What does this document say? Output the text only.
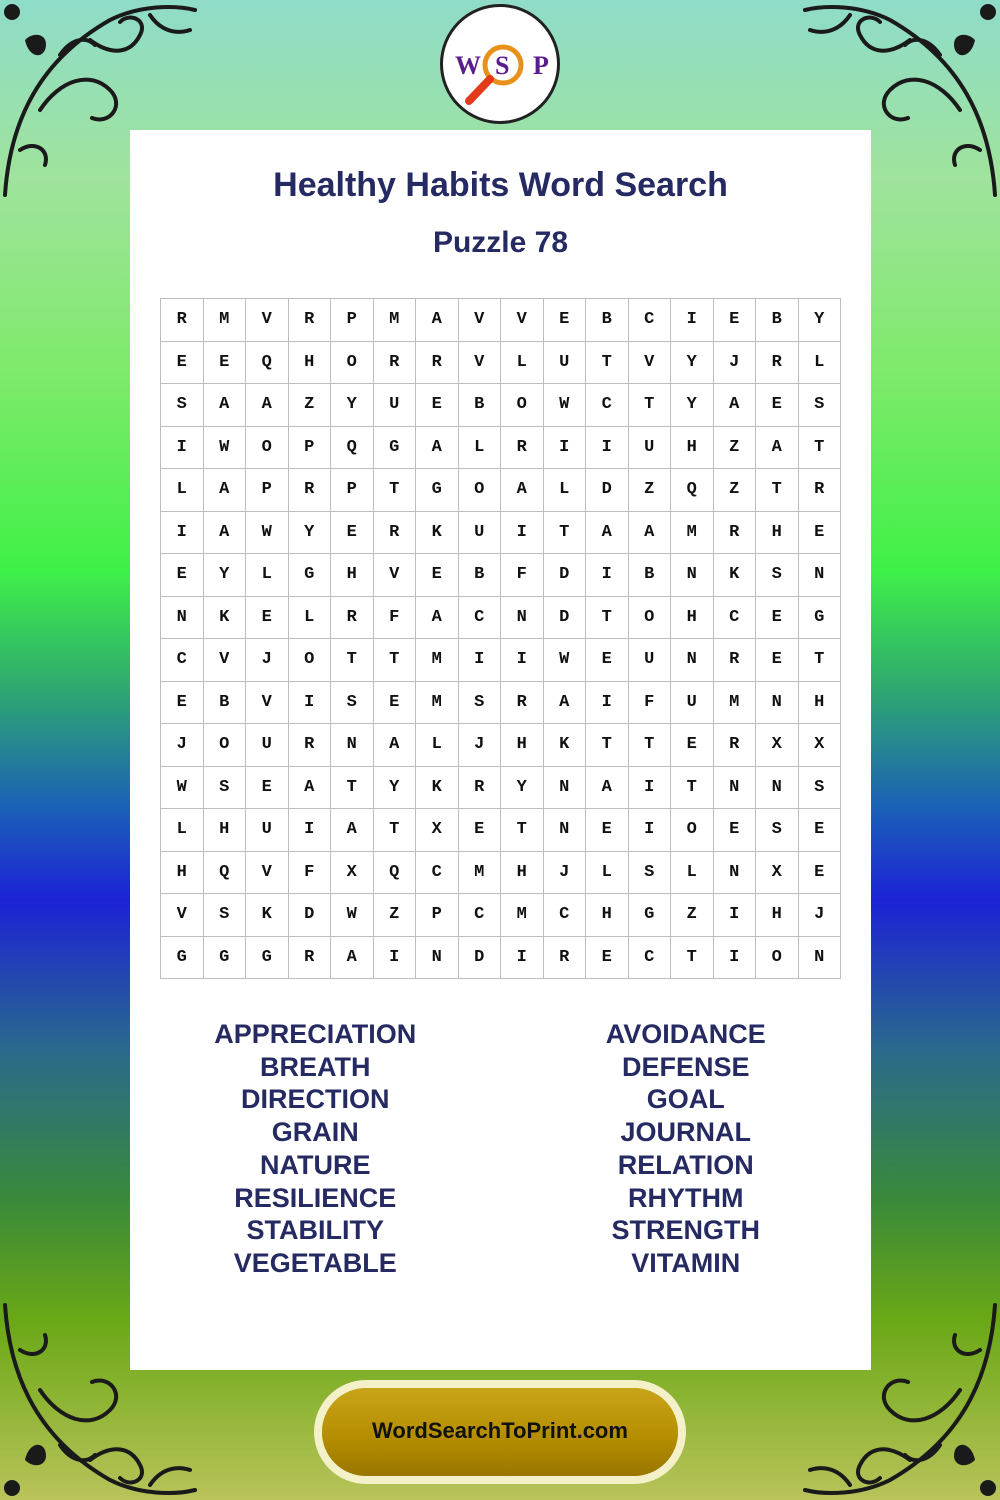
W S P
Healthy Habits Word Search
Puzzle 78
R	M	V	R	P	M	A	V	V	E	B	C	I	E	B	Y
E	E	Q	H	O	R	R	V	L	U	T	V	Y	J	R	L
S	A	A	Z	Y	U	E	B	O	W	C	T	Y	A	E	S
I	W	O	P	Q	G	A	L	R	I	I	U	H	Z	A	T
L	A	P	R	P	T	G	O	A	L	D	Z	Q	Z	T	R
I	A	W	Y	E	R	K	U	I	T	A	A	M	R	H	E
E	Y	L	G	H	V	E	B	F	D	I	B	N	K	S	N
N	K	E	L	R	F	A	C	N	D	T	O	H	C	E	G
C	V	J	O	T	T	M	I	I	W	E	U	N	R	E	T
E	B	V	I	S	E	M	S	R	A	I	F	U	M	N	H
J	O	U	R	N	A	L	J	H	K	T	T	E	R	X	X
W	S	E	A	T	Y	K	R	Y	N	A	I	T	N	N	S
L	H	U	I	A	T	X	E	T	N	E	I	O	E	S	E
H	Q	V	F	X	Q	C	M	H	J	L	S	L	N	X	E
V	S	K	D	W	Z	P	C	M	C	H	G	Z	I	H	J
G	G	G	R	A	I	N	D	I	R	E	C	T	I	O	N
APPRECIATION
BREATH
DIRECTION
GRAIN
NATURE
RESILIENCE
STABILITY
VEGETABLE
AVOIDANCE
DEFENSE
GOAL
JOURNAL
RELATION
RHYTHM
STRENGTH
VITAMIN
WordSearchToPrint.com
